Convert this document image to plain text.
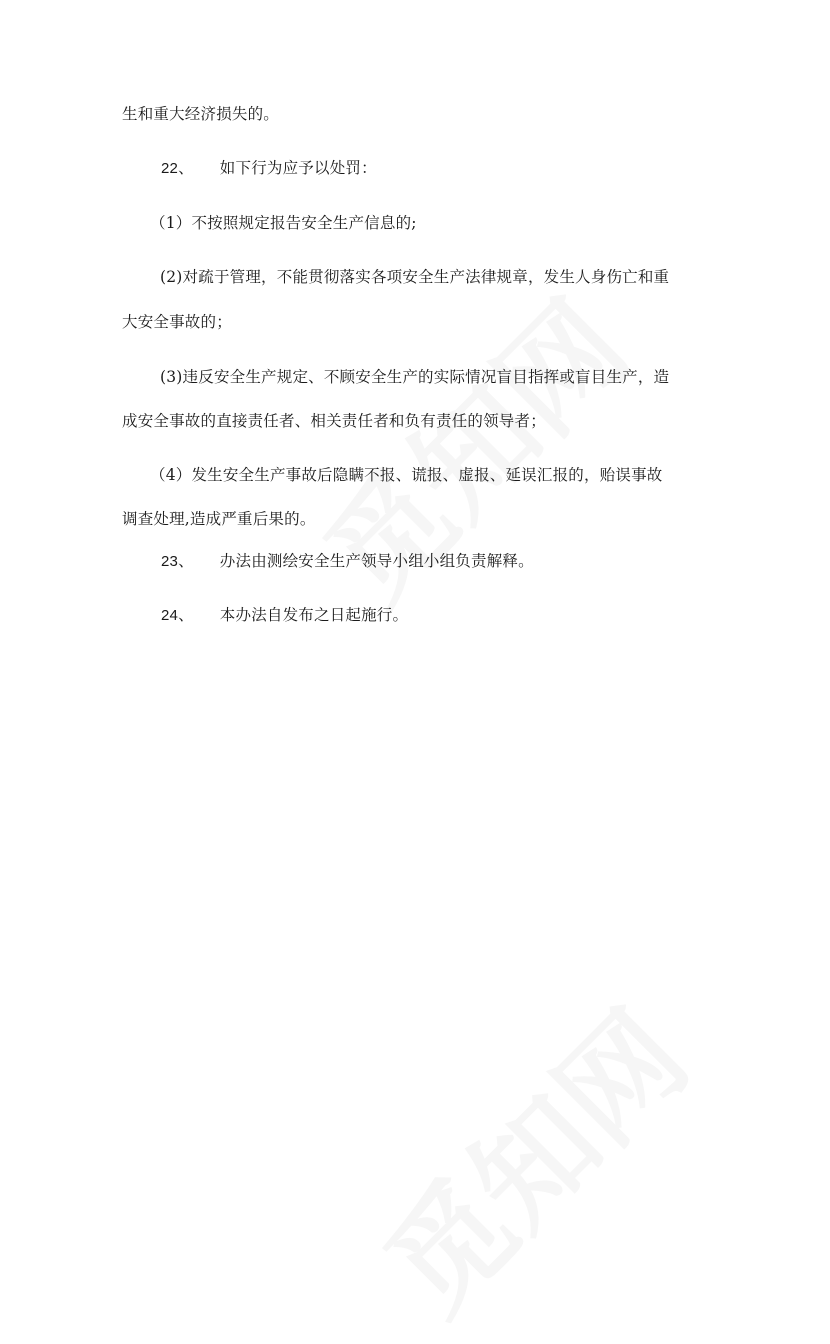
生和重大经济损失的。
22、 如下行为应予以处罚：
（1）不按照规定报告安全生产信息的;
(2)对疏于管理，不能贯彻落实各项安全生产法律规章，发生人身伤亡和重
大安全事故的；
(3)违反安全生产规定、不顾安全生产的实际情况盲目指挥或盲目生产，造
成安全事故的直接责任者、相关责任者和负有责任的领导者；
（4）发生安全生产事故后隐瞒不报、谎报、虚报、延误汇报的，贻误事故
调查处理,造成严重后果的。
23、 办法由测绘安全生产领导小组小组负责解释。
24、 本办法自发布之日起施行。
